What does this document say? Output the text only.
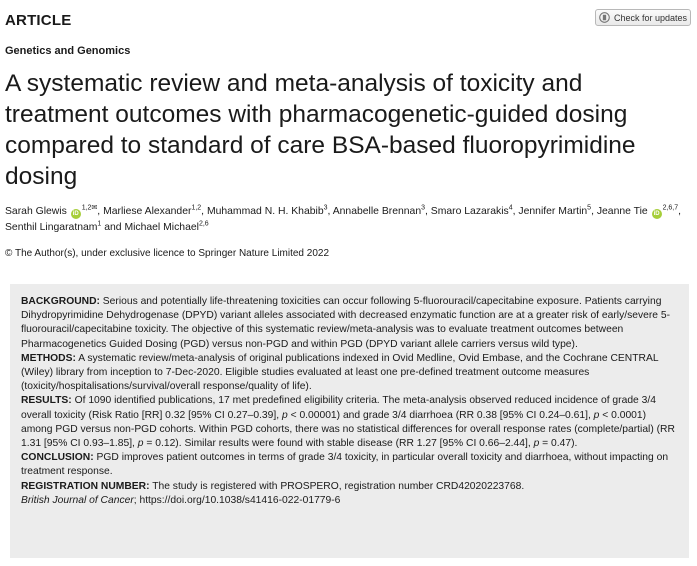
ARTICLE	Check for updates
Genetics and Genomics
A systematic review and meta-analysis of toxicity and treatment outcomes with pharmacogenetic-guided dosing compared to standard of care BSA-based fluoropyrimidine dosing
Sarah Glewis $iD^{1,2✉}$, Marliese Alexander$^{1,2}$, Muhammad N. H. Khabib$^3$, Annabelle Brennan$^3$, Smaro Lazarakis$^4$, Jennifer Martin$^5$, Jeanne Tie iD$^{2,6,7}$, Senthil Lingaratnam$^1$ and Michael Michael$^{2,6}$
© The Author(s), under exclusive licence to Springer Nature Limited 2022

BACKGROUND: Serious and potentially life-threatening toxicities can occur following 5-fluorouracil/capecitabine exposure. Patients carrying Dihydropyrimidine Dehydrogenase (DPYD) variant alleles associated with decreased enzymatic function are at a greater risk of early/severe 5-fluorouracil/capecitabine toxicity. The objective of this systematic review/meta-analysis was to evaluate treatment outcomes between Pharmacogenetics Guided Dosing (PGD) versus non-PGD and within PGD (DPYD variant allele carriers versus wild type).

METHODS: A systematic review/meta-analysis of original publications indexed in Ovid Medline, Ovid Embase, and the Cochrane CENTRAL (Wiley) library from inception to 7-Dec-2020. Eligible studies evaluated at least one pre-defined treatment outcome measures (toxicity/hospitalisations/survival/overall response/quality of life).

RESULTS: Of 1090 identified publications, 17 met predefined eligibility criteria. The meta-analysis observed reduced incidence of grade 3/4 overall toxicity (Risk Ratio [RR] 0.32 [95% CI 0.27–0.39], p < 0.00001) and grade 3/4 diarrhoea (RR 0.38 [95% CI 0.24–0.61], p < 0.0001) among PGD versus non-PGD cohorts. Within PGD cohorts, there was no statistical differences for overall response rates (complete/partial) (RR 1.31 [95% CI 0.93–1.85], p = 0.12). Similar results were found with stable disease (RR 1.27 [95% CI 0.66–2.44], p = 0.47).

CONCLUSION: PGD improves patient outcomes in terms of grade 3/4 toxicity, in particular overall toxicity and diarrhoea, without impacting on treatment response.

REGISTRATION NUMBER: The study is registered with PROSPERO, registration number CRD42020223768.

British Journal of Cancer; https://doi.org/10.1038/s41416-022-01779-6
